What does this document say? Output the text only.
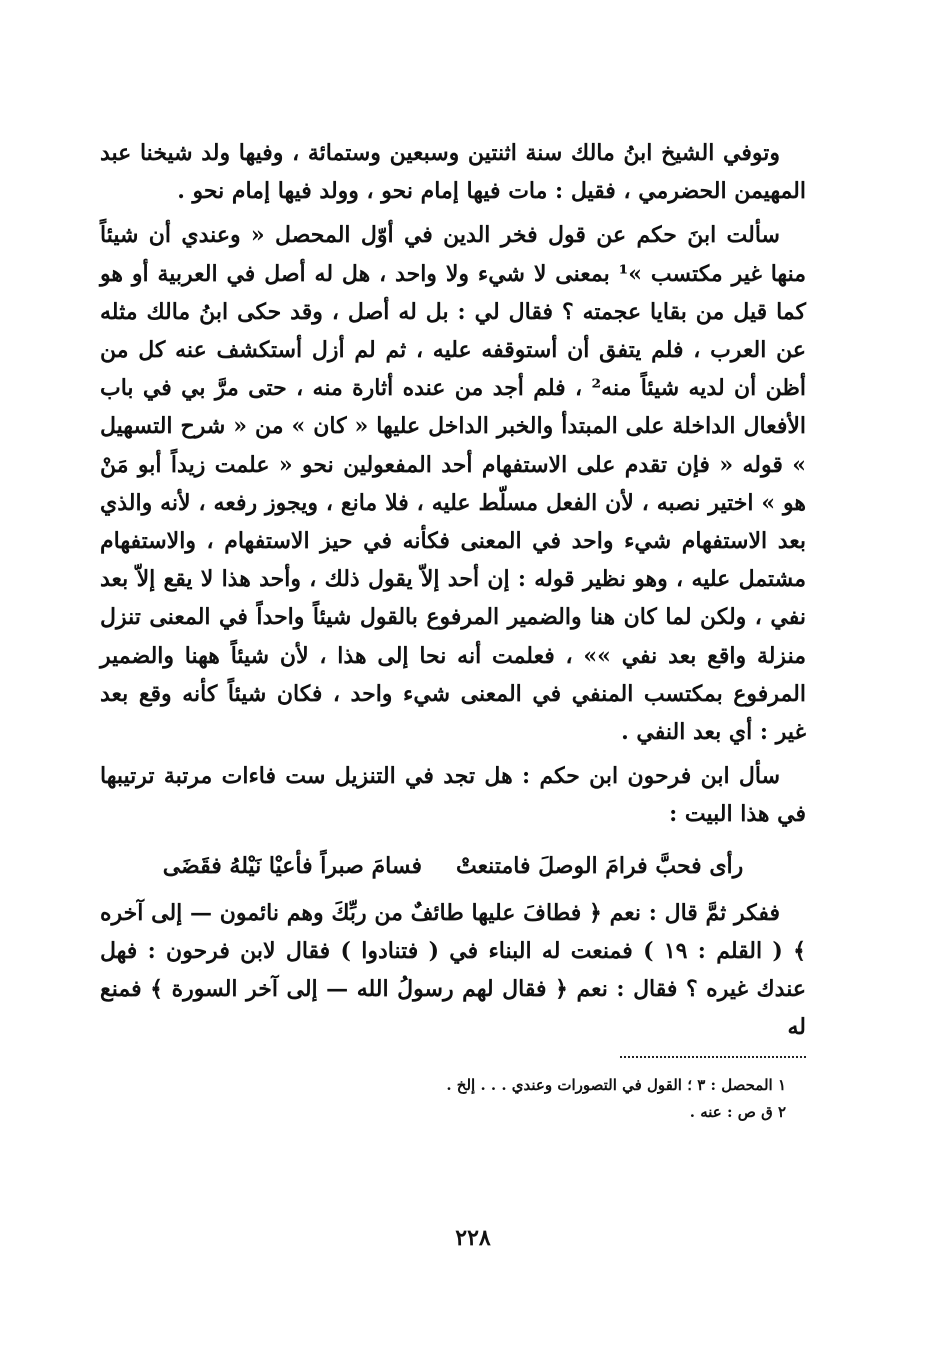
وتوفي الشيخ ابنُ مالك سنة اثنتين وسبعين وستمائة ، وفيها ولد شيخنا عبد المهيمن الحضرمي ، فقيل : مات فيها إمام نحو ، وولد فيها إمام نحو .

سألت ابنَ حكم عن قول فخر الدين في أوّل المحصل « وعندي أن شيئاً منها غير مكتسب »¹ بمعنى لا شيء ولا واحد ، هل له أصل في العربية أو هو كما قيل من بقايا عجمته ؟ فقال لي : بل له أصل ، وقد حكى ابنُ مالك مثله عن العرب ، فلم يتفق أن أستوقفه عليه ، ثم لم أزل أستكشف عنه كل من أظن أن لديه شيئاً منه² ، فلم أجد من عنده أثارة منه ، حتى مرَّ بي في باب الأفعال الداخلة على المبتدأ والخبر الداخل عليها « كان » من « شرح التسهيل » قوله « فإن تقدم على الاستفهام أحد المفعولين نحو « علمت زيداً أبو مَنْ هو » اختير نصبه ، لأن الفعل مسلّط عليه ، فلا مانع ، ويجوز رفعه ، لأنه والذي بعد الاستفهام شيء واحد في المعنى فكأنه في حيز الاستفهام ، والاستفهام مشتمل عليه ، وهو نظير قوله : إن أحد إلاّ يقول ذلك ، وأحد هذا لا يقع إلاّ بعد نفي ، ولكن لما كان هنا والضمير المرفوع بالقول شيئاً واحداً في المعنى تنزل منزلة واقع بعد نفي »» ، فعلمت أنه نحا إلى هذا ، لأن شيئاً ههنا والضمير المرفوع بمكتسب المنفي في المعنى شيء واحد ، فكان شيئاً كأنه وقع بعد غير : أي بعد النفي .

سأل ابن فرحون ابن حكم : هل تجد في التنزيل ست فاءات مرتبة ترتيبها في هذا البيت :

رأى فحبَّ فرامَ الوصلَ فامتنعتْ
فسامَ صبراً فأعيْا نَيْلهُ فقَضَى

ففكر ثمَّ قال : نعم ﴿ فطافَ عليها طائفٌ من ربِّكَ وهم نائمون — إلى آخره ﴾ ( القلم : ١٩ ) فمنعت له البناء في ( فتنادوا ) فقال لابن فرحون : فهل عندك غيره ؟ فقال : نعم ﴿ فقال لهم رسولُ الله — إلى آخر السورة ﴾ فمنع له

١ المحصل : ٣ ؛ القول في التصورات وعندي . . . إلخ .
٢ ق ص : عنه .
٢٢٨
